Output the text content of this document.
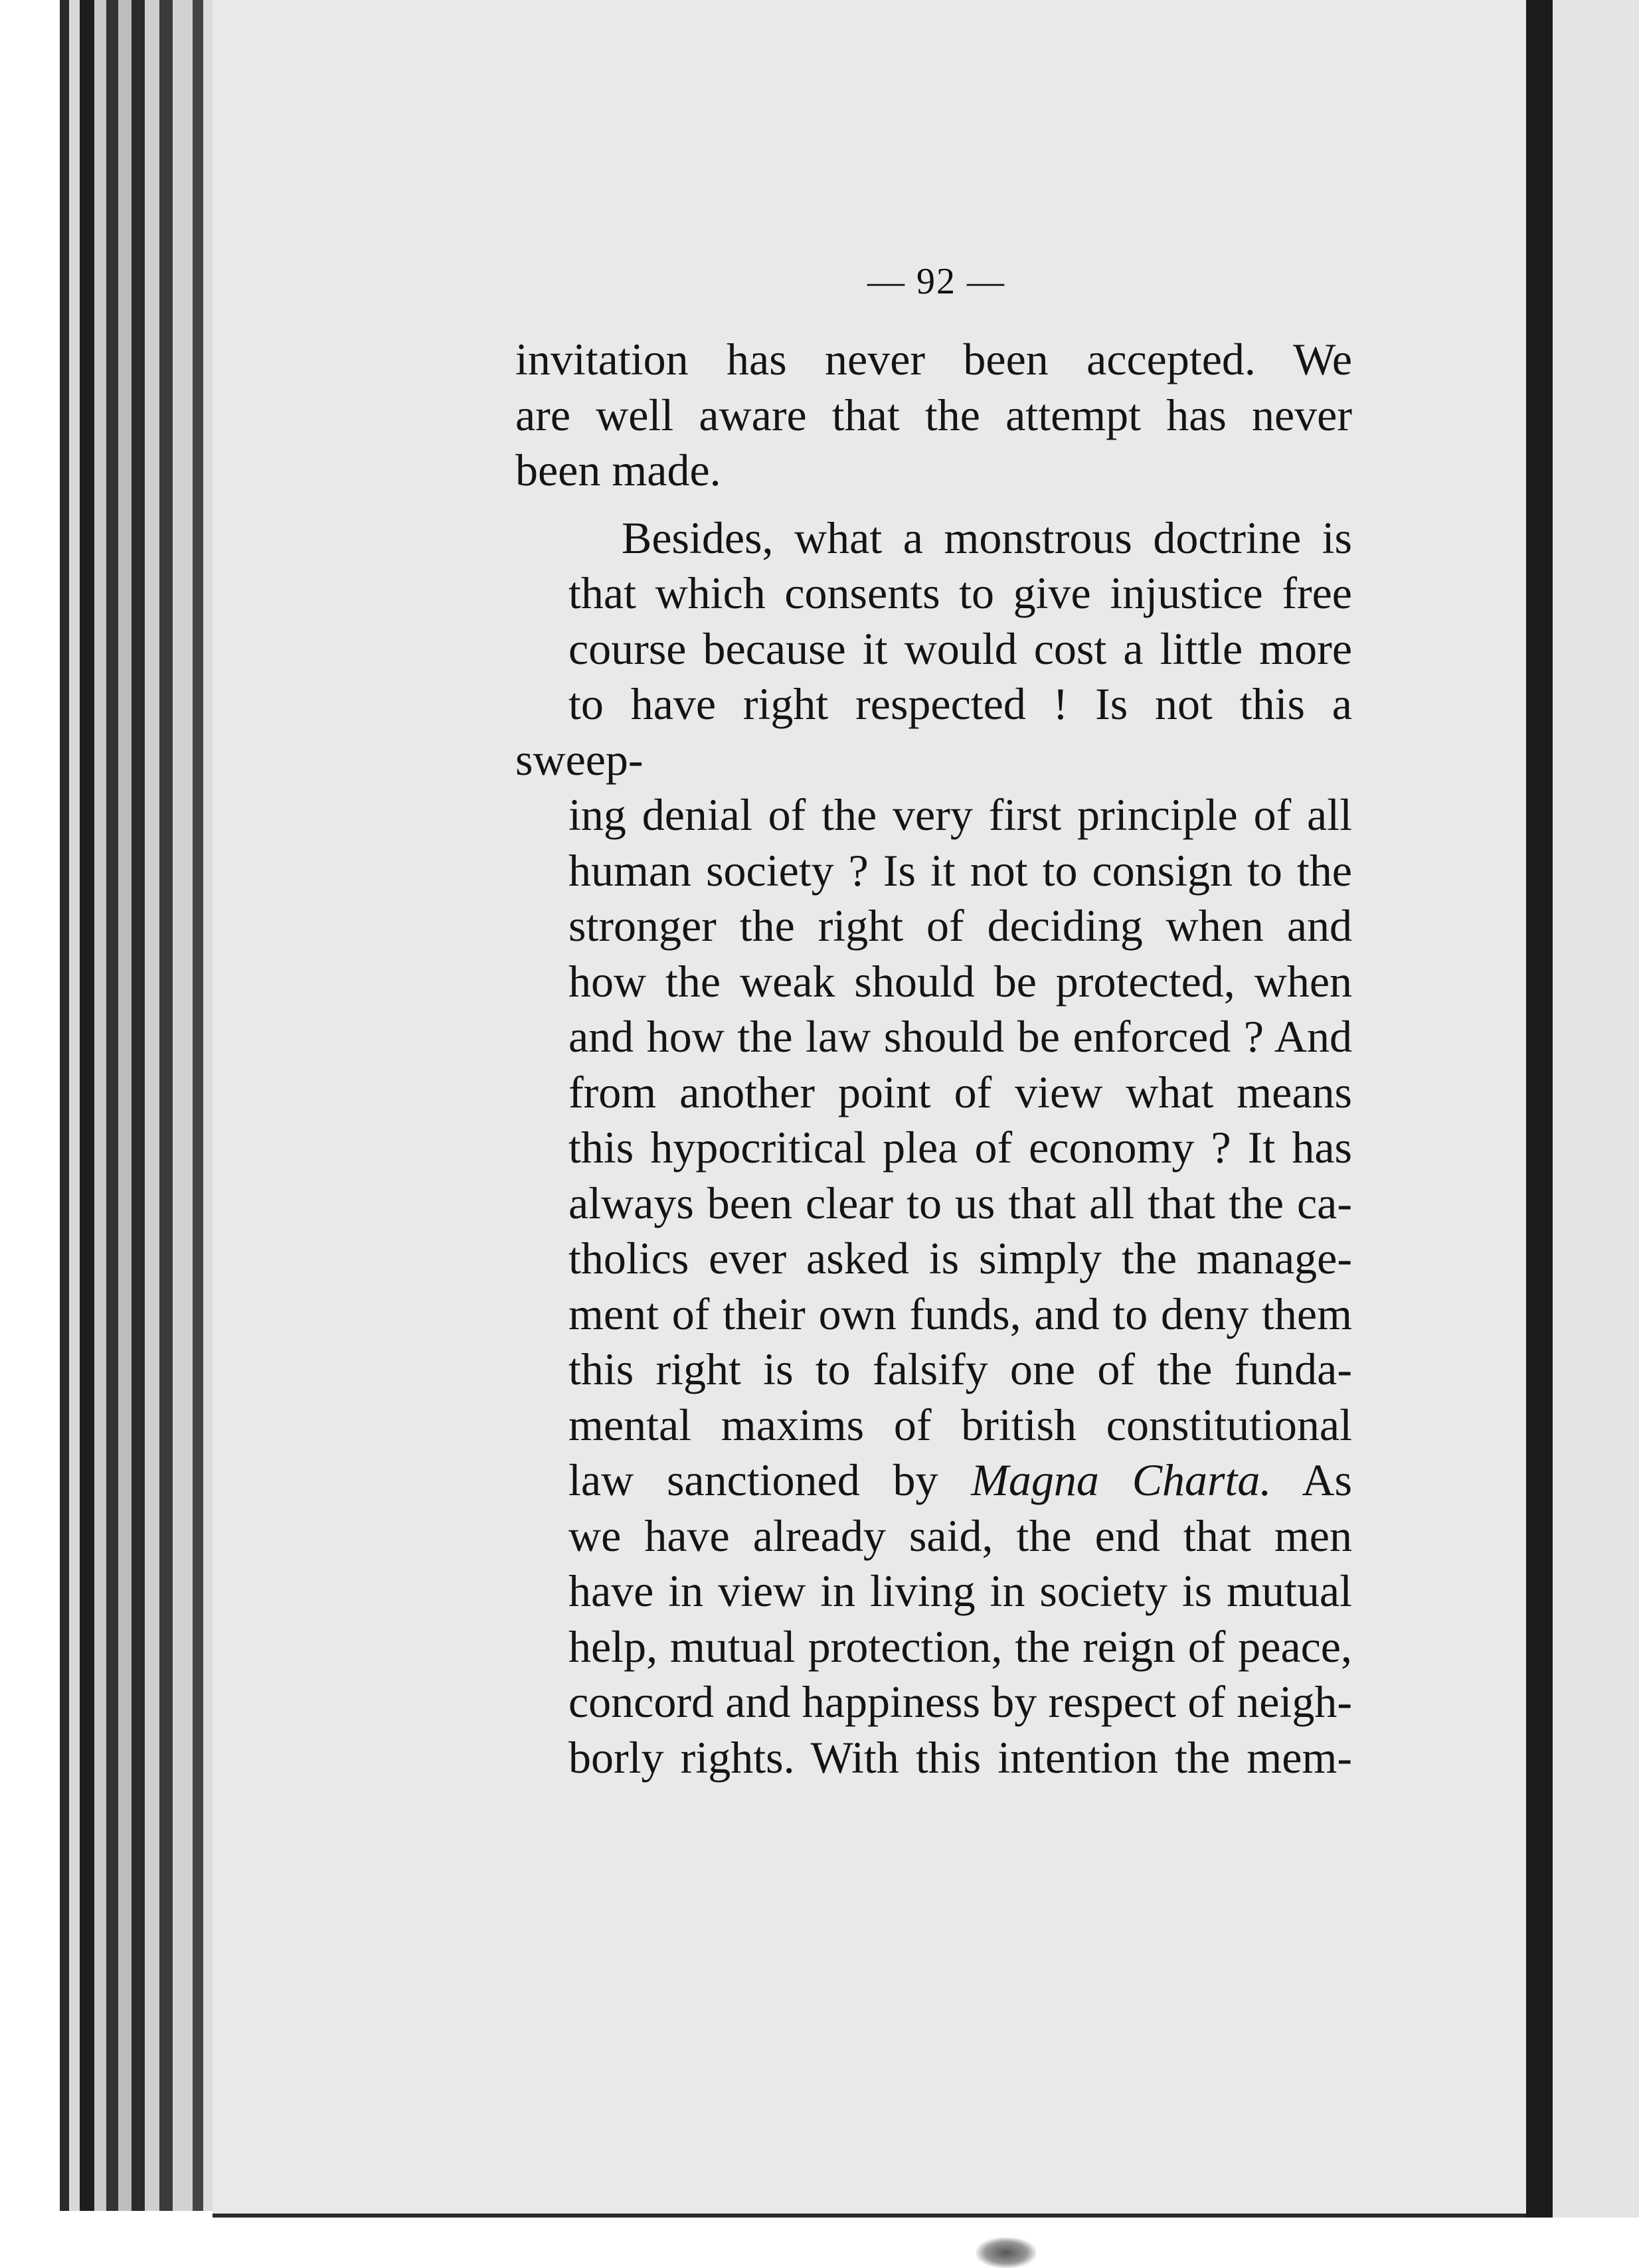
— 92 —

invitation has never been accepted. We
are well aware that the attempt has never
been made.

Besides, what a monstrous doctrine is
that which consents to give injustice free
course because it would cost a little more
to have right respected ! Is not this a sweep-
ing denial of the very first principle of all
human society ? Is it not to consign to the
stronger the right of deciding when and
how the weak should be protected, when
and how the law should be enforced ? And
from another point of view what means
this hypocritical plea of economy ? It has
always been clear to us that all that the ca-
tholics ever asked is simply the manage-
ment of their own funds, and to deny them
this right is to falsify one of the funda-
mental maxims of british constitutional
law sanctioned by Magna Charta. As
we have already said, the end that men
have in view in living in society is mutual
help, mutual protection, the reign of peace,
concord and happiness by respect of neigh-
borly rights. With this intention the mem-
